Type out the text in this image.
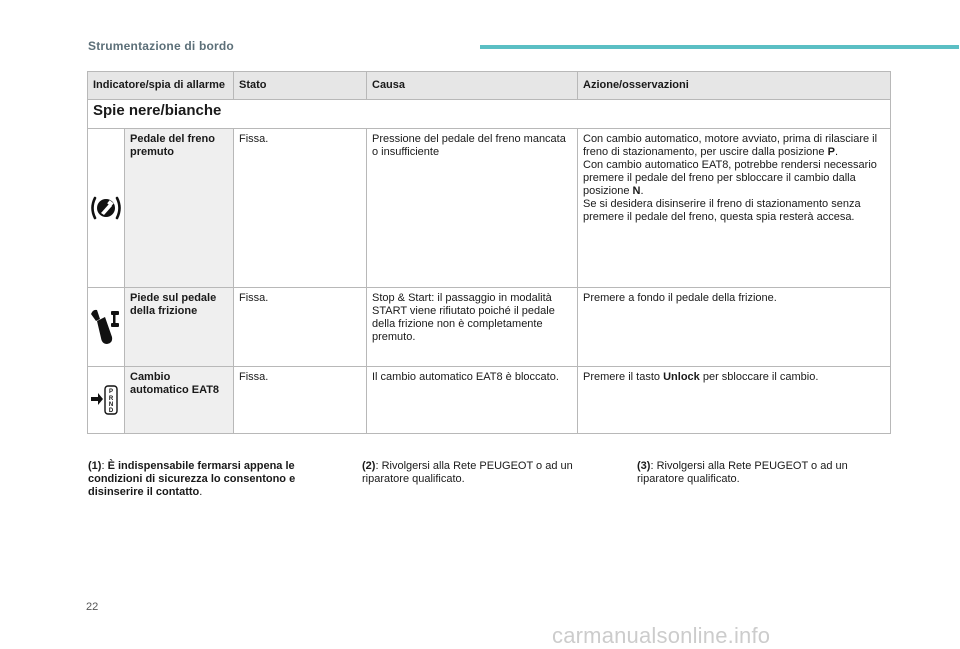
Strumentazione di bordo
Indicatore/spia di allarme		Stato	Causa	Azione/osservazioni
Spie nere/bianche				

	Pedale del freno premuto	Fissa.	Pressione del pedale del freno mancata o insufficiente	Con cambio automatico, motore avviato, prima di rilasciare il freno di stazionamento, per uscire dalla posizione P.
Con cambio automatico EAT8, potrebbe rendersi necessario premere il pedale del freno per sbloccare il cambio dalla posizione N.
Se si desidera disinserire il freno di stazionamento senza premere il pedale del freno, questa spia resterà accesa.

	Piede sul pedale della frizione	Fissa.	Stop & Start: il passaggio in modalità START viene rifiutato poiché il pedale della frizione non è completamente premuto.	Premere a fondo il pedale della frizione.

P
R
N
D	Cambio automatico EAT8	Fissa.	Il cambio automatico EAT8 è bloccato.	Premere il tasto Unlock per sbloccare il cambio.
(1): È indispensabile fermarsi appena le condizioni di sicurezza lo consentono e disinserire il contatto.
(2): Rivolgersi alla Rete PEUGEOT o ad un riparatore qualificato.
(3): Rivolgersi alla Rete PEUGEOT o ad un riparatore qualificato.
22
carmanualsonline.info
